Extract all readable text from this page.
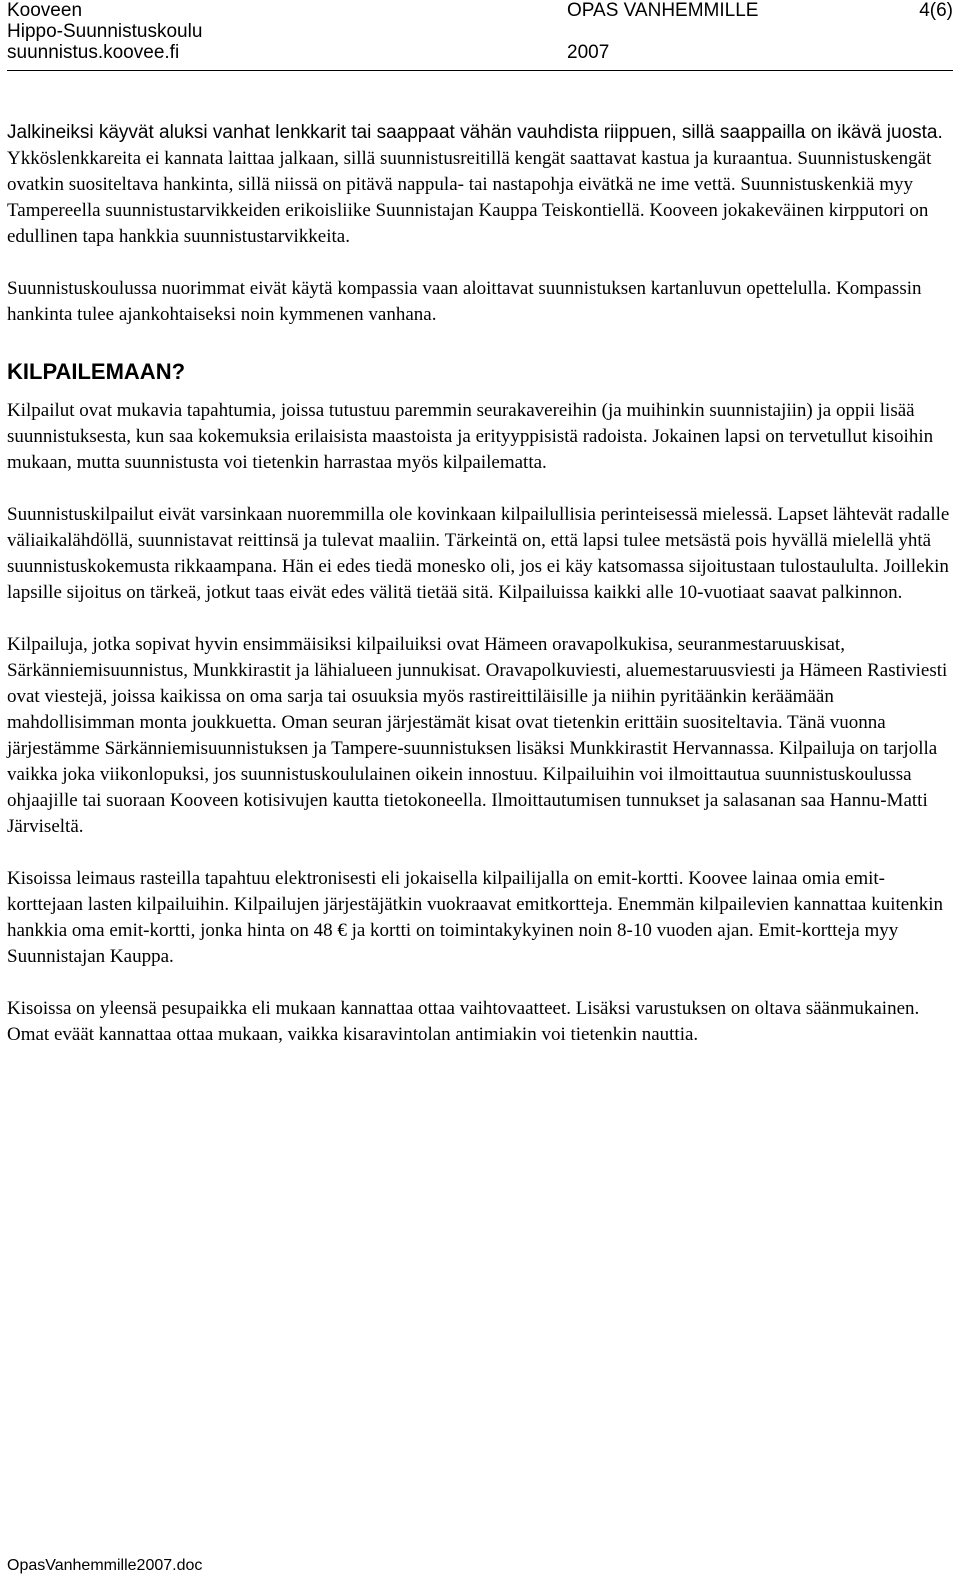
Kooveen	OPAS VANHEMMILLE	4(6)
Hippo-Suunnistuskoulu
suunnistus.koovee.fi	2007

Jalkineiksi käyvät aluksi vanhat lenkkarit tai saappaat vähän vauhdista riippuen, sillä saappailla on ikävä juosta. Ykköslenkkareita ei kannata laittaa jalkaan, sillä suunnistusreitillä kengät saattavat kastua ja kuraantua. Suunnistuskengät ovatkin suositeltava hankinta, sillä niissä on pitävä nappula- tai nastapohja eivätkä ne ime vettä. Suunnistuskenkiä myy Tampereella suunnistustarvikkeiden erikoisliike Suunnistajan Kauppa Teiskontiellä. Kooveen jokakeväinen kirpputori on edullinen tapa hankkia suunnistustarvikkeita.

Suunnistuskoulussa nuorimmat eivät käytä kompassia vaan aloittavat suunnistuksen kartanluvun opettelulla. Kompassin hankinta tulee ajankohtaiseksi noin kymmenen vanhana.

KILPAILEMAAN?

Kilpailut ovat mukavia tapahtumia, joissa tutustuu paremmin seurakavereihin (ja muihinkin suunnistajiin) ja oppii lisää suunnistuksesta, kun saa kokemuksia erilaisista maastoista ja erityyppisistä radoista. Jokainen lapsi on tervetullut kisoihin mukaan, mutta suunnistusta voi tietenkin harrastaa myös kilpailematta.

Suunnistuskilpailut eivät varsinkaan nuoremmilla ole kovinkaan kilpailullisia perinteisessä mielessä. Lapset lähtevät radalle väliaikalähdöllä, suunnistavat reittinsä ja tulevat maaliin. Tärkeintä on, että lapsi tulee metsästä pois hyvällä mielellä yhtä suunnistuskokemusta rikkaampana. Hän ei edes tiedä monesko oli, jos ei käy katsomassa sijoitustaan tulostaululta. Joillekin lapsille sijoitus on tärkeä, jotkut taas eivät edes välitä tietää sitä. Kilpailuissa kaikki alle 10-vuotiaat saavat palkinnon.

Kilpailuja, jotka sopivat hyvin ensimmäisiksi kilpailuiksi ovat Hämeen oravapolkukisa, seuranmestaruuskisat, Särkänniemisuunnistus, Munkkirastit ja lähialueen junnukisat. Oravapolkuviesti, aluemestaruusviesti ja Hämeen Rastiviesti ovat viestejä, joissa kaikissa on oma sarja tai osuuksia myös rastireittiläisille ja niihin pyritäänkin keräämään mahdollisimman monta joukkuetta. Oman seuran järjestämät kisat ovat tietenkin erittäin suositeltavia. Tänä vuonna järjestämme Särkänniemisuunnistuksen ja Tampere-suunnistuksen lisäksi Munkkirastit Hervannassa. Kilpailuja on tarjolla vaikka joka viikonlopuksi, jos suunnistuskoululainen oikein innostuu. Kilpailuihin voi ilmoittautua suunnistuskoulussa ohjaajille tai suoraan Kooveen kotisivujen kautta tietokoneella. Ilmoittautumisen tunnukset ja salasanan saa Hannu-Matti Järviseltä.

Kisoissa leimaus rasteilla tapahtuu elektronisesti eli jokaisella kilpailijalla on emit-kortti. Koovee lainaa omia emit-korttejaan lasten kilpailuihin. Kilpailujen järjestäjätkin vuokraavat emitkortteja. Enemmän kilpailevien kannattaa kuitenkin hankkia oma emit-kortti, jonka hinta on 48 € ja kortti on toimintakykyinen noin 8-10 vuoden ajan. Emit-kortteja myy Suunnistajan Kauppa.

Kisoissa on yleensä pesupaikka eli mukaan kannattaa ottaa vaihtovaatteet. Lisäksi varustuksen on oltava säänmukainen. Omat eväät kannattaa ottaa mukaan, vaikka kisaravintolan antimiakin voi tietenkin nauttia.

OpasVanhemmille2007.doc
